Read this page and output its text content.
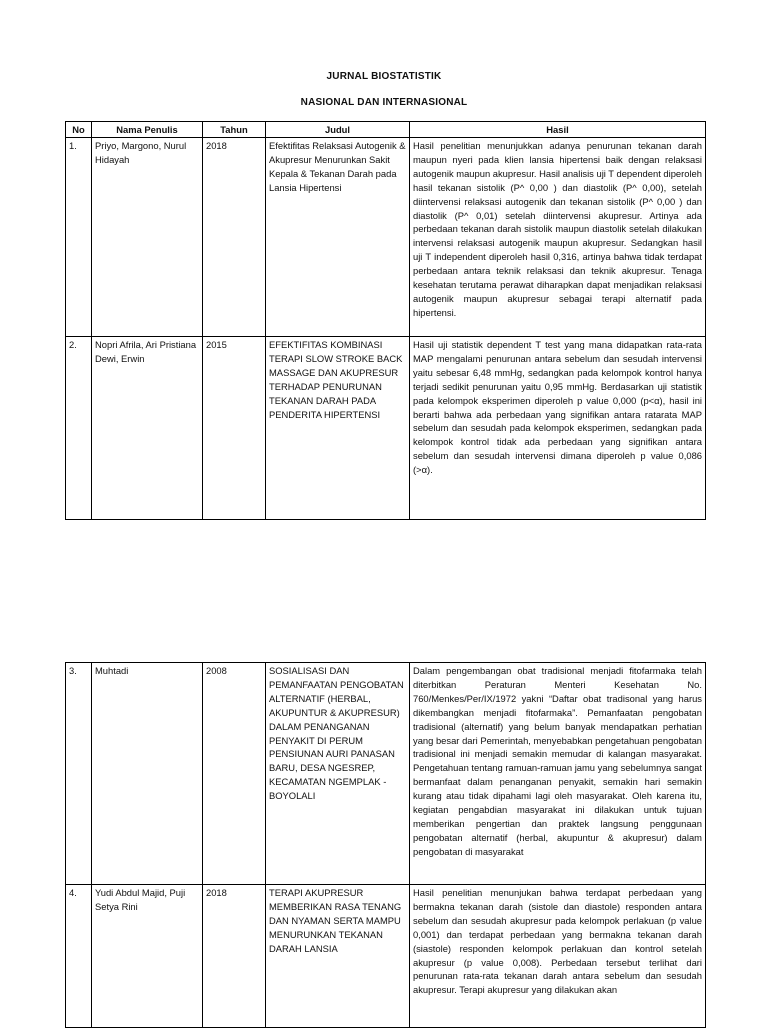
JURNAL BIOSTATISTIK
NASIONAL DAN INTERNASIONAL
No	Nama Penulis	Tahun	Judul	Hasil
1.	Priyo, Margono, Nurul Hidayah	2018	Efektifitas Relaksasi Autogenik & Akupresur Menurunkan Sakit Kepala & Tekanan Darah pada Lansia Hipertensi	Hasil penelitian menunjukkan adanya penurunan tekanan darah maupun nyeri pada klien lansia hipertensi baik dengan relaksasi autogenik maupun akupresur. Hasil analisis uji T dependent diperoleh hasil tekanan sistolik (P^ 0,00 ) dan diastolik (P^ 0,00), setelah diintervensi relaksasi autogenik dan tekanan sistolik (P^ 0,00 ) dan diastolik (P^ 0,01) setelah diintervensi akupresur. Artinya ada perbedaan tekanan darah sistolik maupun diastolik setelah dilakukan intervensi relaksasi autogenik maupun akupresur. Sedangkan hasil uji T independent diperoleh hasil 0,316, artinya bahwa tidak terdapat perbedaan antara teknik relaksasi dan teknik akupresur. Tenaga kesehatan terutama perawat diharapkan dapat menjadikan relaksasi autogenik maupun akupresur sebagai terapi alternatif pada hipertensi.
2.	Nopri Afrila, Ari Pristiana Dewi, Erwin	2015	EFEKTIFITAS KOMBINASI TERAPI SLOW STROKE BACK MASSAGE DAN AKUPRESUR TERHADAP PENURUNAN TEKANAN DARAH PADA PENDERITA HIPERTENSI	Hasil uji statistik dependent T test yang mana didapatkan rata-rata MAP mengalami penurunan antara sebelum dan sesudah intervensi yaitu sebesar 6,48 mmHg, sedangkan pada kelompok kontrol hanya terjadi sedikit penurunan yaitu 0,95 mmHg. Berdasarkan uji statistik pada kelompok eksperimen diperoleh p value 0,000 (p<α), hasil ini berarti bahwa ada perbedaan yang signifikan antara ratarata MAP sebelum dan sesudah pada kelompok eksperimen, sedangkan pada kelompok kontrol tidak ada perbedaan yang signifikan antara sebelum dan sesudah intervensi dimana diperoleh p value 0,086 (>α).
3.	Muhtadi	2008	SOSIALISASI DAN PEMANFAATAN PENGOBATAN ALTERNATIF (HERBAL, AKUPUNTUR & AKUPRESUR) DALAM PENANGANAN PENYAKIT DI PERUM PENSIUNAN AURI PANASAN BARU, DESA NGESREP, KECAMATAN NGEMPLAK - BOYOLALI	Dalam pengembangan obat tradisional menjadi fitofarmaka telah diterbitkan Peraturan Menteri Kesehatan No. 760/Menkes/Per/IX/1972 yakni “Daftar obat tradisonal yang harus dikembangkan menjadi fitofarmaka”. Pemanfaatan pengobatan tradisional (alternatif) yang belum banyak mendapatkan perhatian yang besar dari Pemerintah, menyebabkan pengetahuan pengobatan tradisional ini menjadi semakin memudar di kalangan masyarakat. Pengetahuan tentang ramuan-ramuan jamu yang sebelumnya sangat bermanfaat dalam penanganan penyakit, semakin hari semakin kurang atau tidak dipahami lagi oleh masyarakat. Oleh karena itu, kegiatan pengabdian masyarakat ini dilakukan untuk tujuan memberikan pengertian dan praktek langsung penggunaan pengobatan alternatif (herbal, akupuntur & akupresur) dalam pengobatan di masyarakat
4.	Yudi Abdul Majid, Puji Setya Rini	2018	TERAPI AKUPRESUR MEMBERIKAN RASA TENANG DAN NYAMAN SERTA MAMPU MENURUNKAN TEKANAN DARAH LANSIA	Hasil penelitian menunjukan bahwa terdapat perbedaan yang bermakna tekanan darah (sistole dan diastole) responden antara sebelum dan sesudah akupresur pada kelompok perlakuan (p value 0,001) dan terdapat perbedaan yang bermakna tekanan darah (siastole) responden kelompok perlakuan dan kontrol setelah akupresur (p value 0,008). Perbedaan tersebut terlihat dari penurunan rata-rata tekanan darah antara sebelum dan sesudah akupresur. Terapi akupresur yang dilakukan akan
